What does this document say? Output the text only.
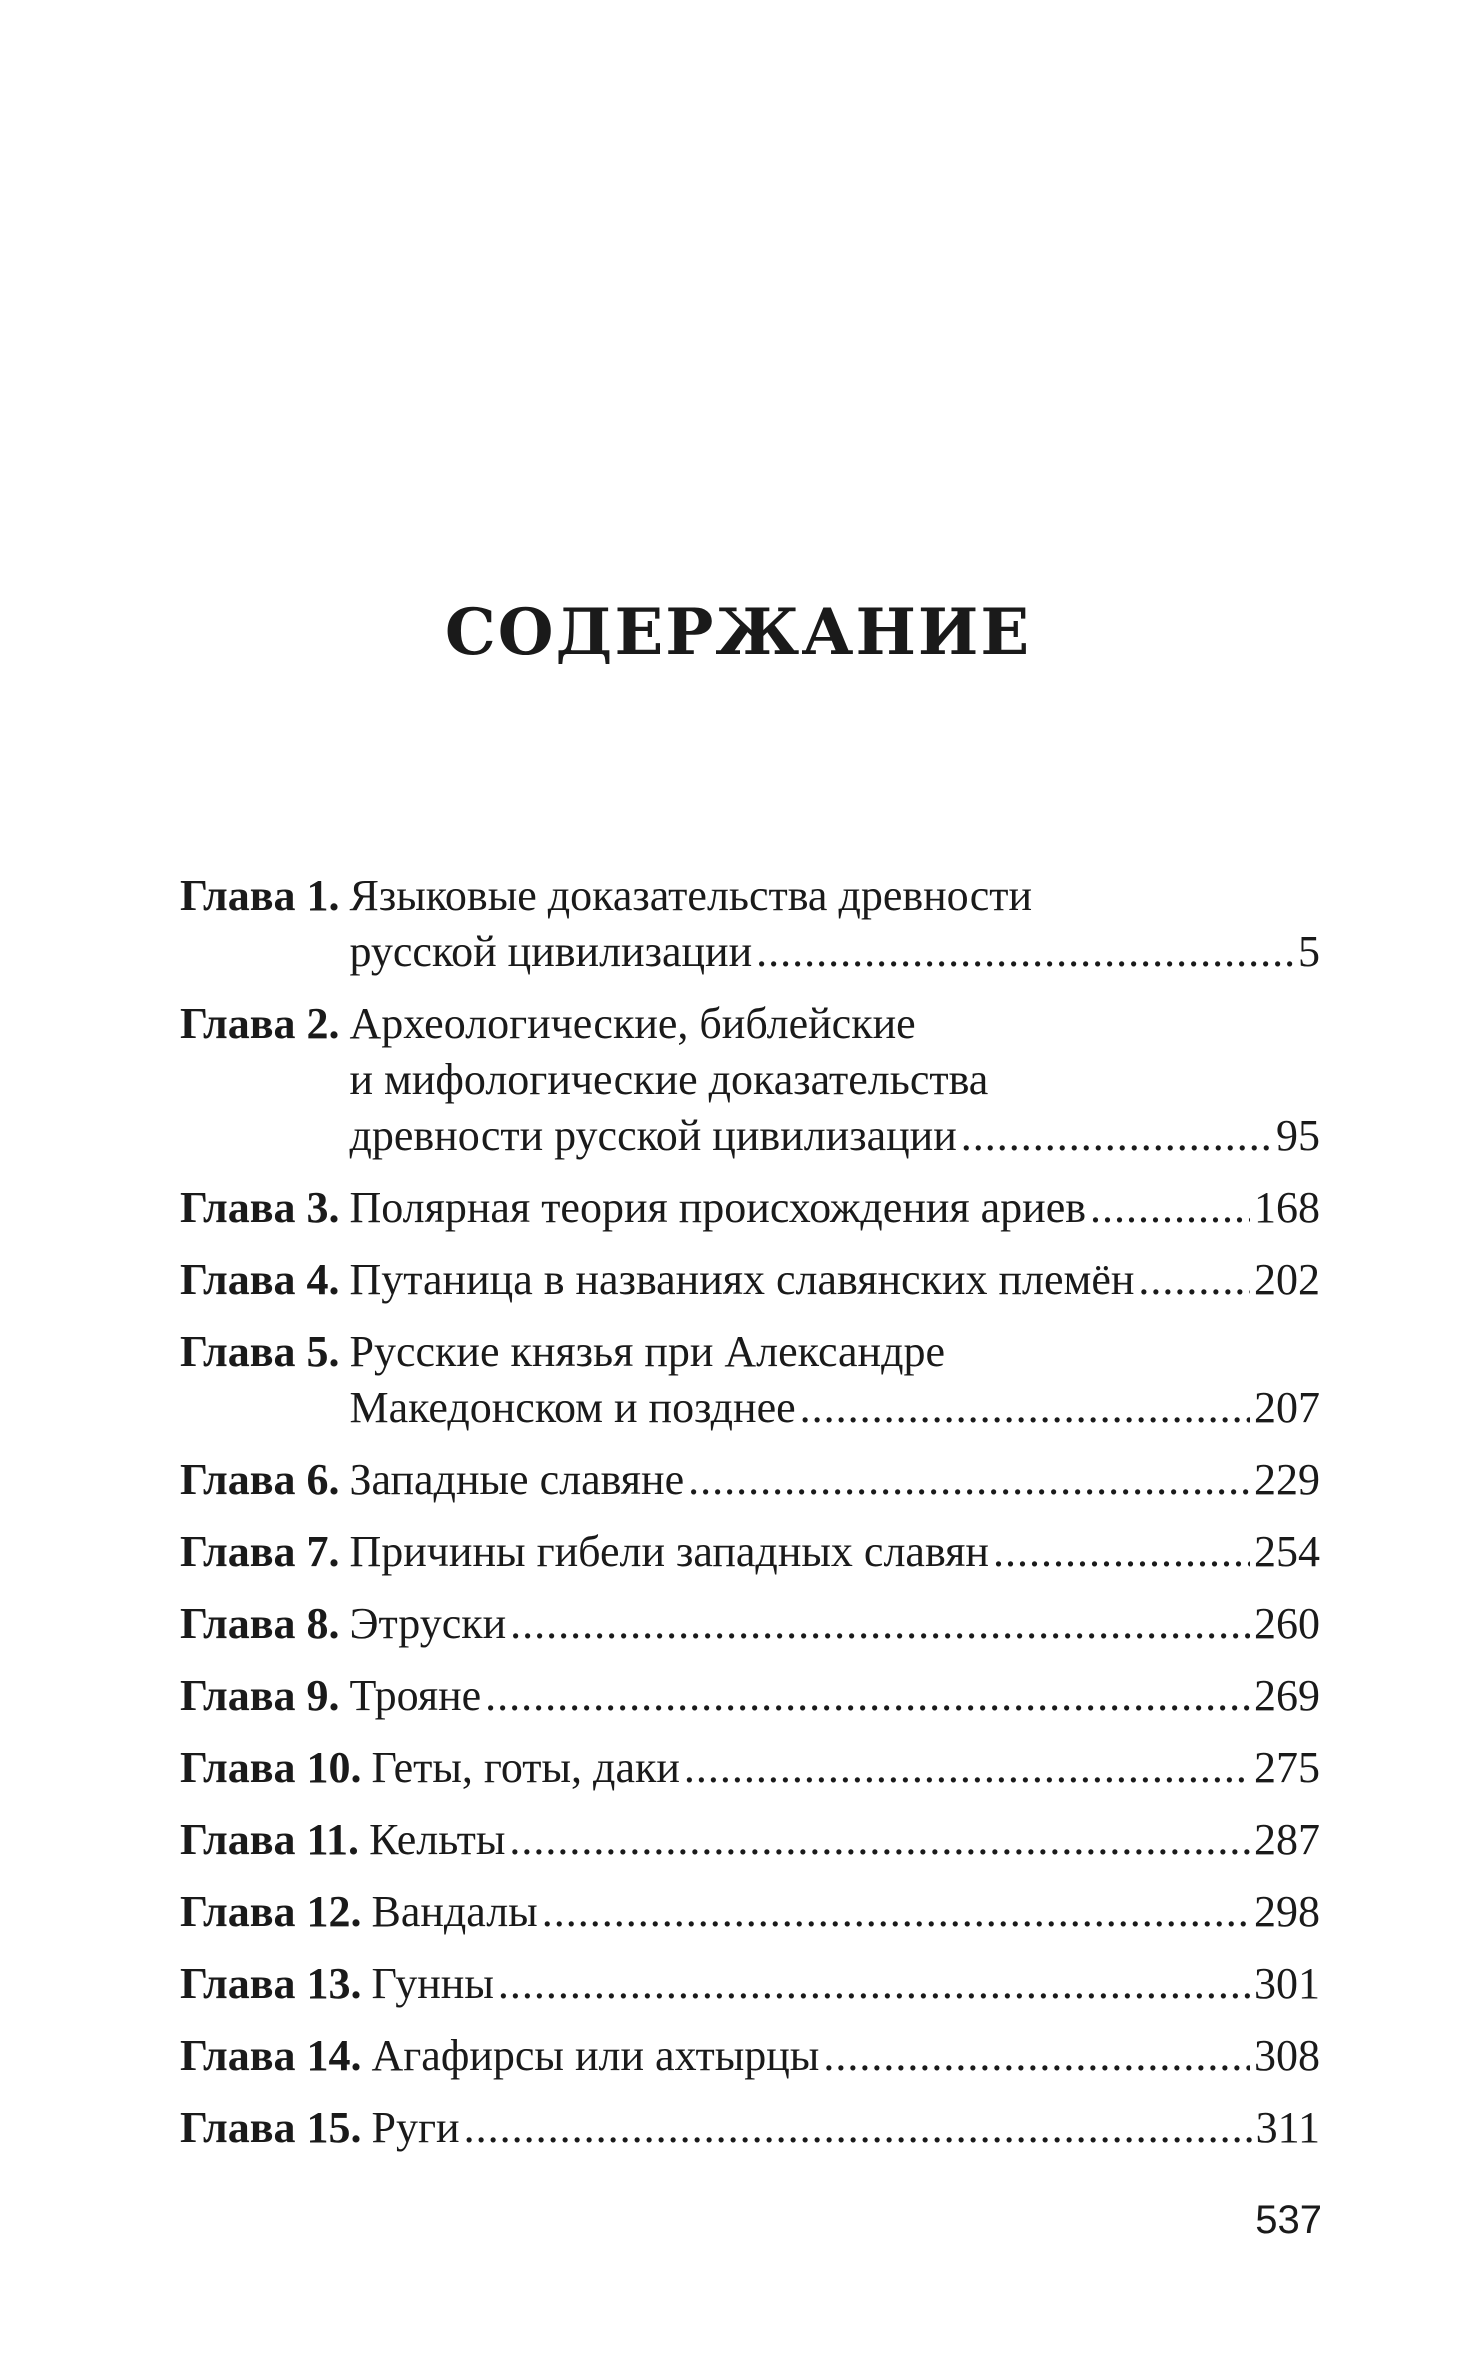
СОДЕРЖАНИЕ
Глава 1. Языковые доказательства древности
русской цивилизации .....	5
Глава 2. Археологические, библейские
и мифологические доказательства
древности русской цивилизации .....	95
Глава 3. Полярная теория происхождения ариев .....	168
Глава 4. Путаница в названиях славянских племён .....	202
Глава 5. Русские князья при Александре
Македонском и позднее .....	207
Глава 6. Западные славяне .....	229
Глава 7. Причины гибели западных славян .....	254
Глава 8. Этруски .....	260
Глава 9. Трояне .....	269
Глава 10. Геты, готы, даки .....	275
Глава 11. Кельты .....	287
Глава 12. Вандалы .....	298
Глава 13. Гунны .....	301
Глава 14. Агафирсы или ахтырцы .....	308
Глава 15. Руги .....	311
537
